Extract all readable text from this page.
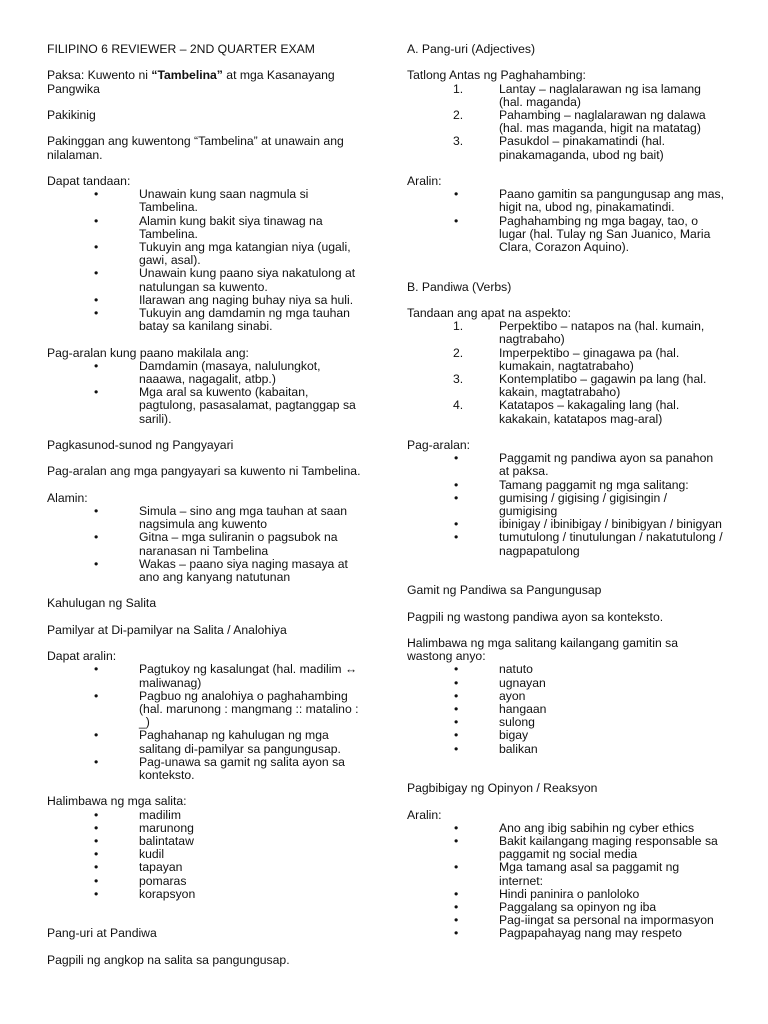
FILIPINO 6 REVIEWER – 2ND QUARTER EXAM

Paksa: Kuwento ni “Tambelina” at mga Kasanayang Pangwika

Pakikinig

Pakinggan ang kuwentong “Tambelina” at unawain ang nilalaman.

Dapat tandaan:

•	Unawain kung saan nagmula si Tambelina.
•	Alamin kung bakit siya tinawag na Tambelina.
•	Tukuyin ang mga katangian niya (ugali, gawi, asal).
•	Unawain kung paano siya nakatulong at natulungan sa kuwento.
•	Ilarawan ang naging buhay niya sa huli.
•	Tukuyin ang damdamin ng mga tauhan batay sa kanilang sinabi.

Pag-aralan kung paano makilala ang:

•	Damdamin (masaya, nalulungkot, naaawa, nagagalit, atbp.)
•	Mga aral sa kuwento (kabaitan, pagtulong, pasasalamat, pagtanggap sa sarili).

Pagkasunod-sunod ng Pangyayari

Pag-aralan ang mga pangyayari sa kuwento ni Tambelina.

Alamin:

•	Simula – sino ang mga tauhan at saan nagsimula ang kuwento
•	Gitna – mga suliranin o pagsubok na naranasan ni Tambelina
•	Wakas – paano siya naging masaya at ano ang kanyang natutunan

Kahulugan ng Salita

Pamilyar at Di-pamilyar na Salita / Analohiya

Dapat aralin:

•	Pagtukoy ng kasalungat (hal. madilim ↔ maliwanag)
•	Pagbuo ng analohiya o paghahambing (hal. marunong : mangmang :: matalino : _)
•	Paghahanap ng kahulugan ng mga salitang di-pamilyar sa pangungusap.
•	Pag-unawa sa gamit ng salita ayon sa konteksto.

Halimbawa ng mga salita:

•	madilim
•	marunong
•	balintataw
•	kudil
•	tapayan
•	pomaras
•	korapsyon

Pang-uri at Pandiwa

Pagpili ng angkop na salita sa pangungusap.

A. Pang-uri (Adjectives)

Tatlong Antas ng Paghahambing:

1.	Lantay – naglalarawan ng isa lamang (hal. maganda)
2.	Pahambing – naglalarawan ng dalawa (hal. mas maganda, higit na matatag)
3.	Pasukdol – pinakamatindi (hal. pinakamaganda, ubod ng bait)

Aralin:

•	Paano gamitin sa pangungusap ang mas, higit na, ubod ng, pinakamatindi.
•	Paghahambing ng mga bagay, tao, o lugar (hal. Tulay ng San Juanico, Maria Clara, Corazon Aquino).

B. Pandiwa (Verbs)

Tandaan ang apat na aspekto:

1.	Perpektibo – natapos na (hal. kumain, nagtrabaho)
2.	Imperpektibo – ginagawa pa (hal. kumakain, nagtatrabaho)
3.	Kontemplatibo – gagawin pa lang (hal. kakain, magtatrabaho)
4.	Katatapos – kakagaling lang (hal. kakakain, katatapos mag-aral)

Pag-aralan:

•	Paggamit ng pandiwa ayon sa panahon at paksa.
•	Tamang paggamit ng mga salitang:
•	gumising / gigising / gigisingin / gumigising
•	ibinigay / ibinibigay / binibigyan / binigyan
•	tumutulong / tinutulungan / nakatutulong / nagpapatulong

Gamit ng Pandiwa sa Pangungusap

Pagpili ng wastong pandiwa ayon sa konteksto.

Halimbawa ng mga salitang kailangang gamitin sa wastong anyo:

•	natuto
•	ugnayan
•	ayon
•	hangaan
•	sulong
•	bigay
•	balikan

Pagbibigay ng Opinyon / Reaksyon

Aralin:

•	Ano ang ibig sabihin ng cyber ethics
•	Bakit kailangang maging responsable sa paggamit ng social media
•	Mga tamang asal sa paggamit ng internet:
•	Hindi paninira o panloloko
•	Paggalang sa opinyon ng iba
•	Pag-iingat sa personal na impormasyon
•	Pagpapahayag nang may respeto
